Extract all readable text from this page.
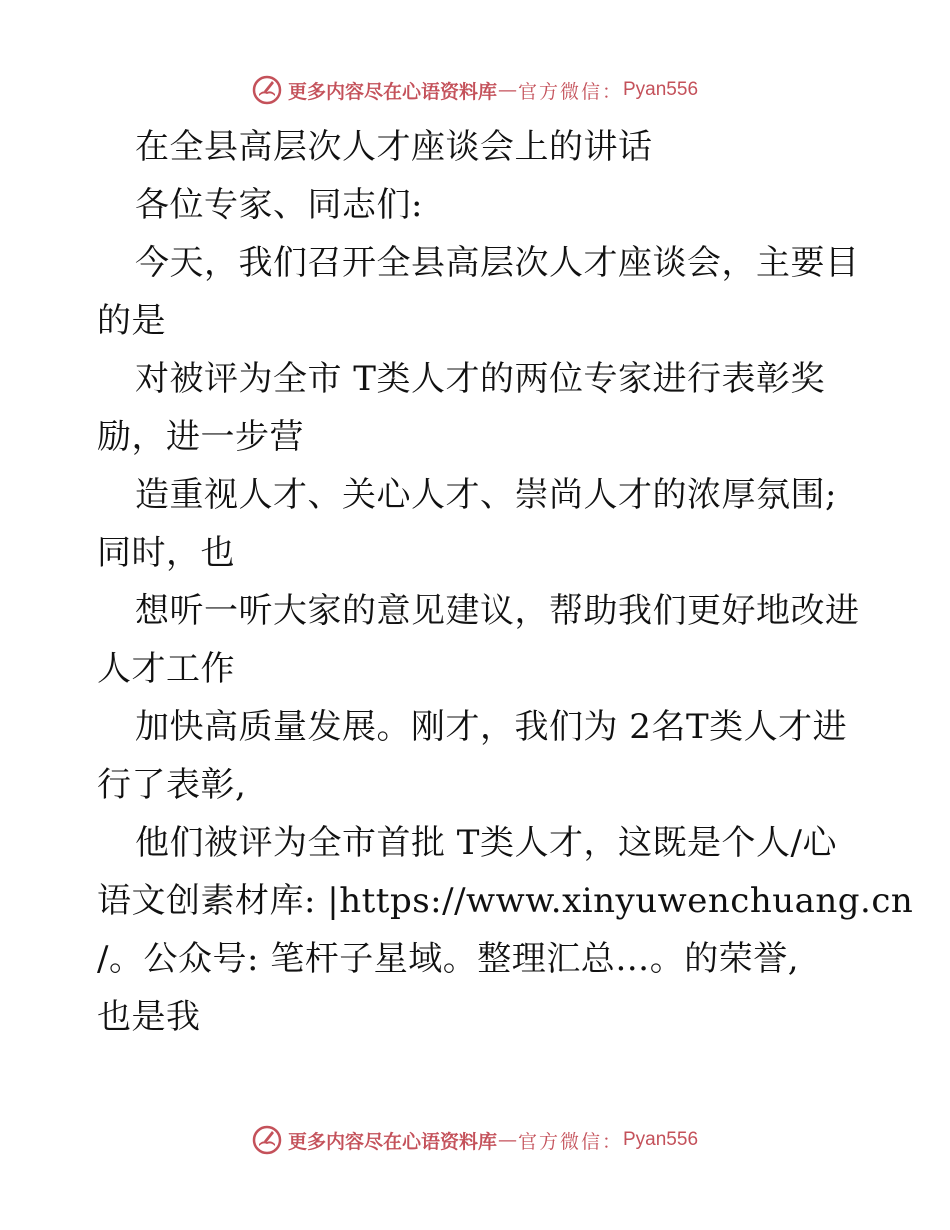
更多内容尽在心语资料库 — 官方微信： Pyan556
在全县高层次人才座谈会上的讲话
各位专家、同志们:
今天，我们召开全县高层次人才座谈会，主要目
的是
对被评为全市 T类人才的两位专家进行表彰奖
励，进一步营
造重视人才、关心人才、崇尚人才的浓厚氛围;
同时，也
想听一听大家的意见建议，帮助我们更好地改进
人才工作
加快高质量发展。刚才，我们为 2名T类人才进
行了表彰,
他们被评为全市首批 T类人才，这既是个人/心
语文创素材库: |https://www.xinyuwenchuang.cn
/。公众号: 笔杆子星域。整理汇总…。的荣誉,
也是我
更多内容尽在心语资料库 — 官方微信： Pyan556
